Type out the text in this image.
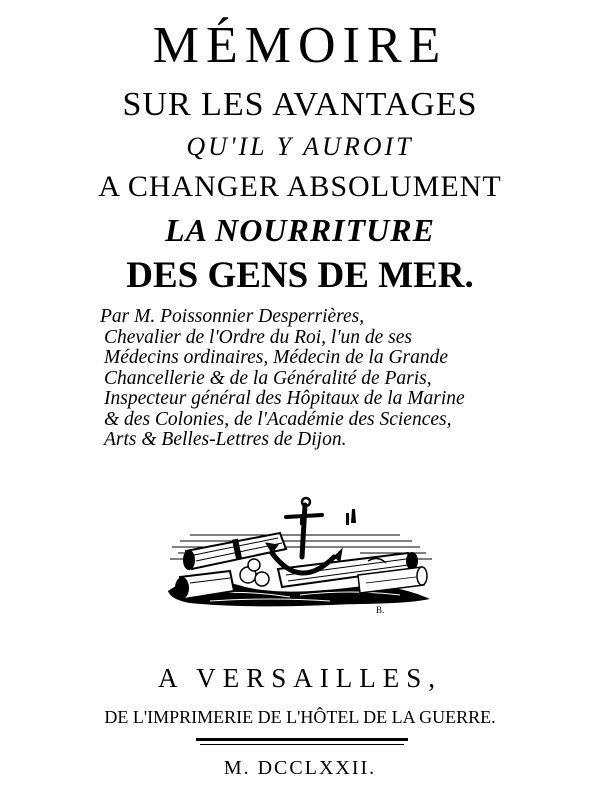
MÉMOIRE
SUR LES AVANTAGES
QU'IL Y AUROIT
A CHANGER ABSOLUMENT
LA NOURRITURE
DES GENS DE MER.
Par M. Poissonnier Desperrières,
Chevalier de l'Ordre du Roi, l'un de ses
Médecins ordinaires, Médecin de la Grande
Chancellerie & de la Généralité de Paris,
Inspecteur général des Hôpitaux de la Marine
& des Colonies, de l'Académie des Sciences,
Arts & Belles-Lettres de Dijon.
B.
A VERSAILLES,
DE L'IMPRIMERIE DE L'HÔTEL DE LA GUERRE.
M. DCCLXXII.
